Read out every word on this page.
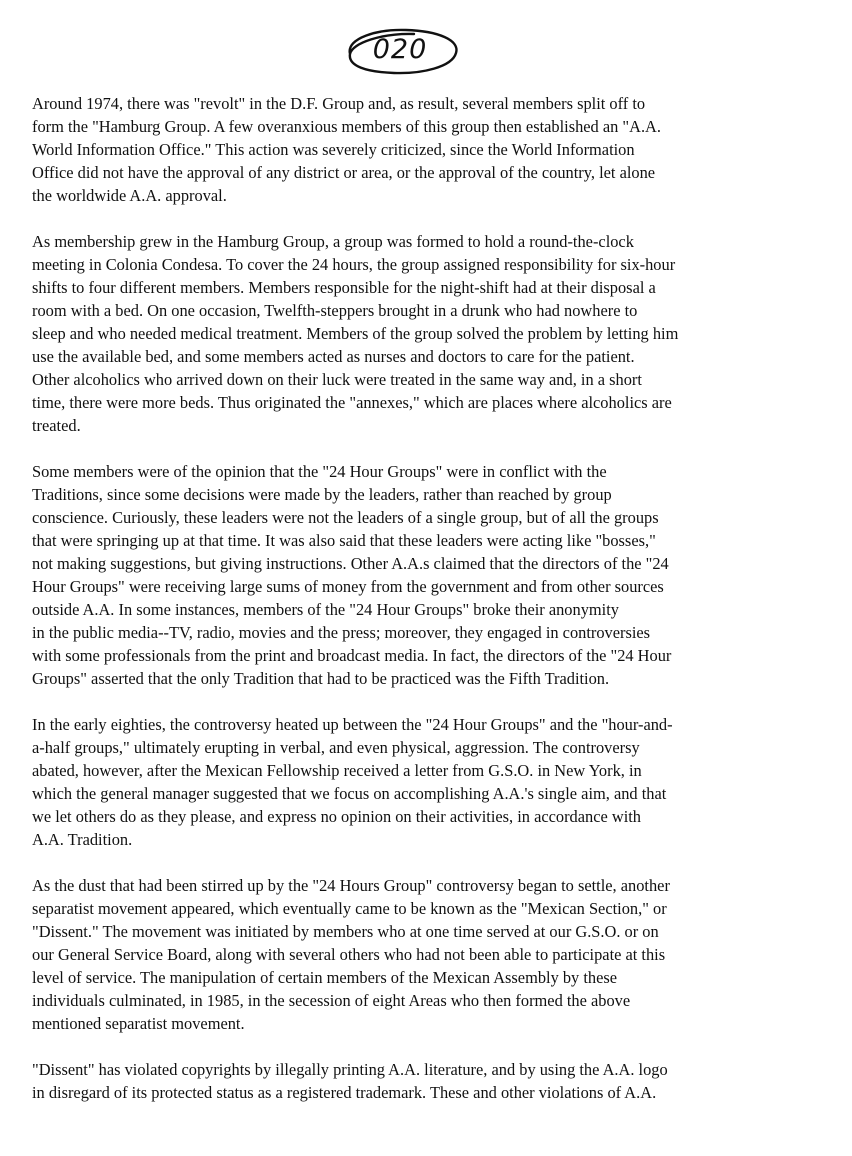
020

Around 1974, there was "revolt" in the D.F. Group and, as result, several members split off to
form the "Hamburg Group. A few overanxious members of this group then established an "A.A.
World Information Office." This action was severely criticized, since the World Information
Office did not have the approval of any district or area, or the approval of the country, let alone
the worldwide A.A. approval.

As membership grew in the Hamburg Group, a group was formed to hold a round-the-clock
meeting in Colonia Condesa. To cover the 24 hours, the group assigned responsibility for six-hour
shifts to four different members. Members responsible for the night-shift had at their disposal a
room with a bed. On one occasion, Twelfth-steppers brought in a drunk who had nowhere to
sleep and who needed medical treatment. Members of the group solved the problem by letting him
use the available bed, and some members acted as nurses and doctors to care for the patient.
Other alcoholics who arrived down on their luck were treated in the same way and, in a short
time, there were more beds. Thus originated the "annexes," which are places where alcoholics are
treated.

Some members were of the opinion that the "24 Hour Groups" were in conflict with the
Traditions, since some decisions were made by the leaders, rather than reached by group
conscience. Curiously, these leaders were not the leaders of a single group, but of all the groups
that were springing up at that time. It was also said that these leaders were acting like "bosses,"
not making suggestions, but giving instructions. Other A.A.s claimed that the directors of the "24
Hour Groups" were receiving large sums of money from the government and from other sources
outside A.A. In some instances, members of the "24 Hour Groups" broke their anonymity
in the public media--TV, radio, movies and the press; moreover, they engaged in controversies
with some professionals from the print and broadcast media. In fact, the directors of the "24 Hour
Groups" asserted that the only Tradition that had to be practiced was the Fifth Tradition.

In the early eighties, the controversy heated up between the "24 Hour Groups" and the "hour-and-
a-half groups," ultimately erupting in verbal, and even physical, aggression. The controversy
abated, however, after the Mexican Fellowship received a letter from G.S.O. in New York, in
which the general manager suggested that we focus on accomplishing A.A.'s single aim, and that
we let others do as they please, and express no opinion on their activities, in accordance with
A.A. Tradition.

As the dust that had been stirred up by the "24 Hours Group" controversy began to settle, another
separatist movement appeared, which eventually came to be known as the "Mexican Section," or
"Dissent." The movement was initiated by members who at one time served at our G.S.O. or on
our General Service Board, along with several others who had not been able to participate at this
level of service. The manipulation of certain members of the Mexican Assembly by these
individuals culminated, in 1985, in the secession of eight Areas who then formed the above
mentioned separatist movement.

"Dissent" has violated copyrights by illegally printing A.A. literature, and by using the A.A. logo
in disregard of its protected status as a registered trademark. These and other violations of A.A.
